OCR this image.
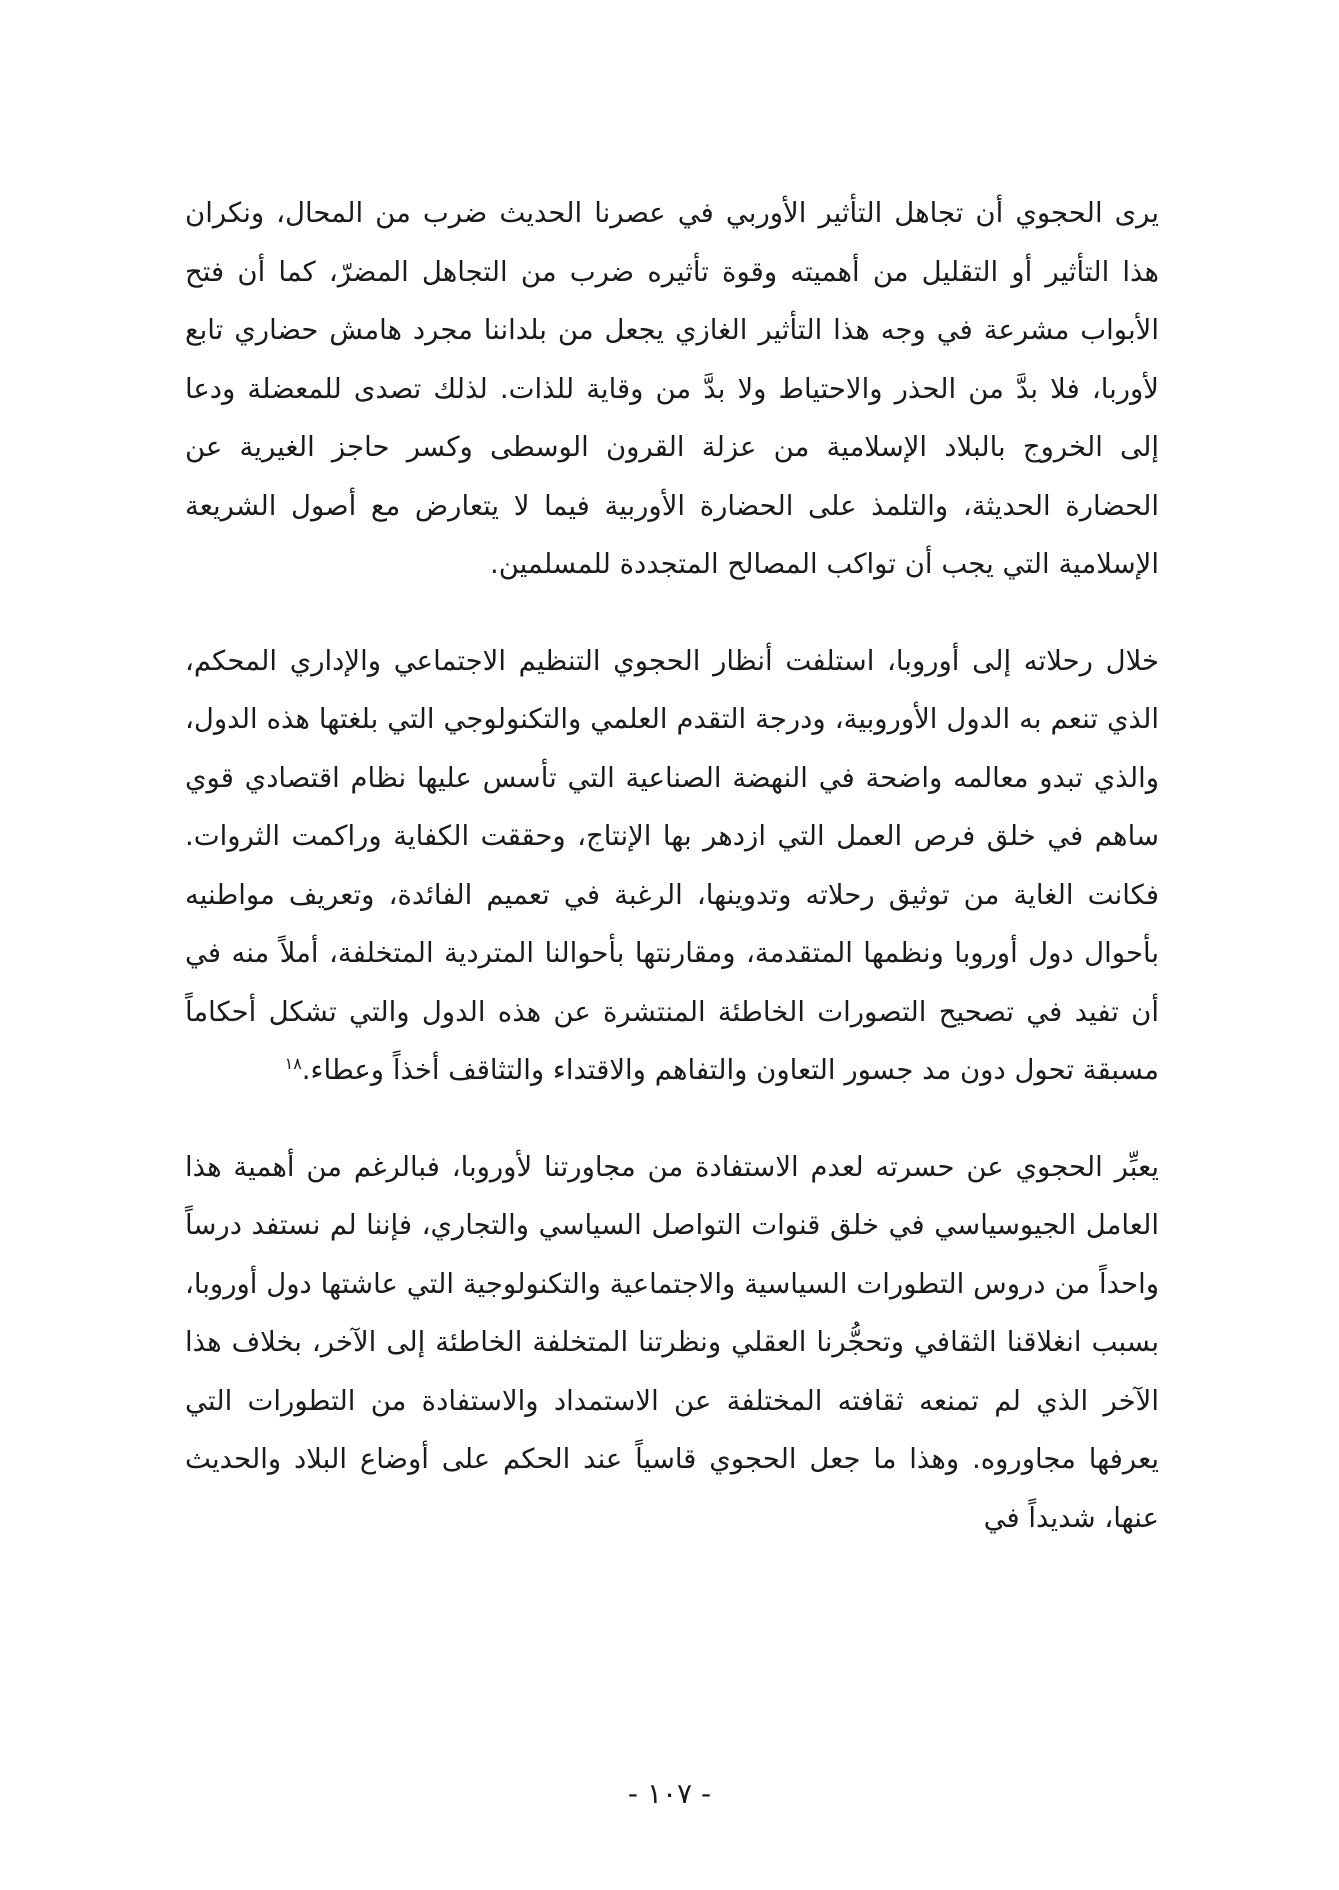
يرى الحجوي أن تجاهل التأثير الأوربي في عصرنا الحديث ضرب من المحال، ونكران هذا التأثير أو التقليل من أهميته وقوة تأثيره ضرب من التجاهل المضرّ، كما أن فتح الأبواب مشرعة في وجه هذا التأثير الغازي يجعل من بلداننا مجرد هامش حضاري تابع لأوربا، فلا بدَّ من الحذر والاحتياط ولا بدَّ من وقاية للذات. لذلك تصدى للمعضلة ودعا إلى الخروج بالبلاد الإسلامية من عزلة القرون الوسطى وكسر حاجز الغيرية عن الحضارة الحديثة، والتلمذ على الحضارة الأوربية فيما لا يتعارض مع أصول الشريعة الإسلامية التي يجب أن تواكب المصالح المتجددة للمسلمين.

خلال رحلاته إلى أوروبا، استلفت أنظار الحجوي التنظيم الاجتماعي والإداري المحكم، الذي تنعم به الدول الأوروبية، ودرجة التقدم العلمي والتكنولوجي التي بلغتها هذه الدول، والذي تبدو معالمه واضحة في النهضة الصناعية التي تأسس عليها نظام اقتصادي قوي ساهم في خلق فرص العمل التي ازدهر بها الإنتاج، وحققت الكفاية وراكمت الثروات. فكانت الغاية من توثيق رحلاته وتدوينها، الرغبة في تعميم الفائدة، وتعريف مواطنيه بأحوال دول أوروبا ونظمها المتقدمة، ومقارنتها بأحوالنا المتردية المتخلفة، أملاً منه في أن تفيد في تصحيح التصورات الخاطئة المنتشرة عن هذه الدول والتي تشكل أحكاماً مسبقة تحول دون مد جسور التعاون والتفاهم والاقتداء والتثاقف أخذاً وعطاء.$^{١٨}$

يعبِّر الحجوي عن حسرته لعدم الاستفادة من مجاورتنا لأوروبا، فبالرغم من أهمية هذا العامل الجيوسياسي في خلق قنوات التواصل السياسي والتجاري، فإننا لم نستفد درساً واحداً من دروس التطورات السياسية والاجتماعية والتكنولوجية التي عاشتها دول أوروبا، بسبب انغلاقنا الثقافي وتحجُّرنا العقلي ونظرتنا المتخلفة الخاطئة إلى الآخر، بخلاف هذا الآخر الذي لم تمنعه ثقافته المختلفة عن الاستمداد والاستفادة من التطورات التي يعرفها مجاوروه. وهذا ما جعل الحجوي قاسياً عند الحكم على أوضاع البلاد والحديث عنها، شديداً في

- ١٠٧ -
